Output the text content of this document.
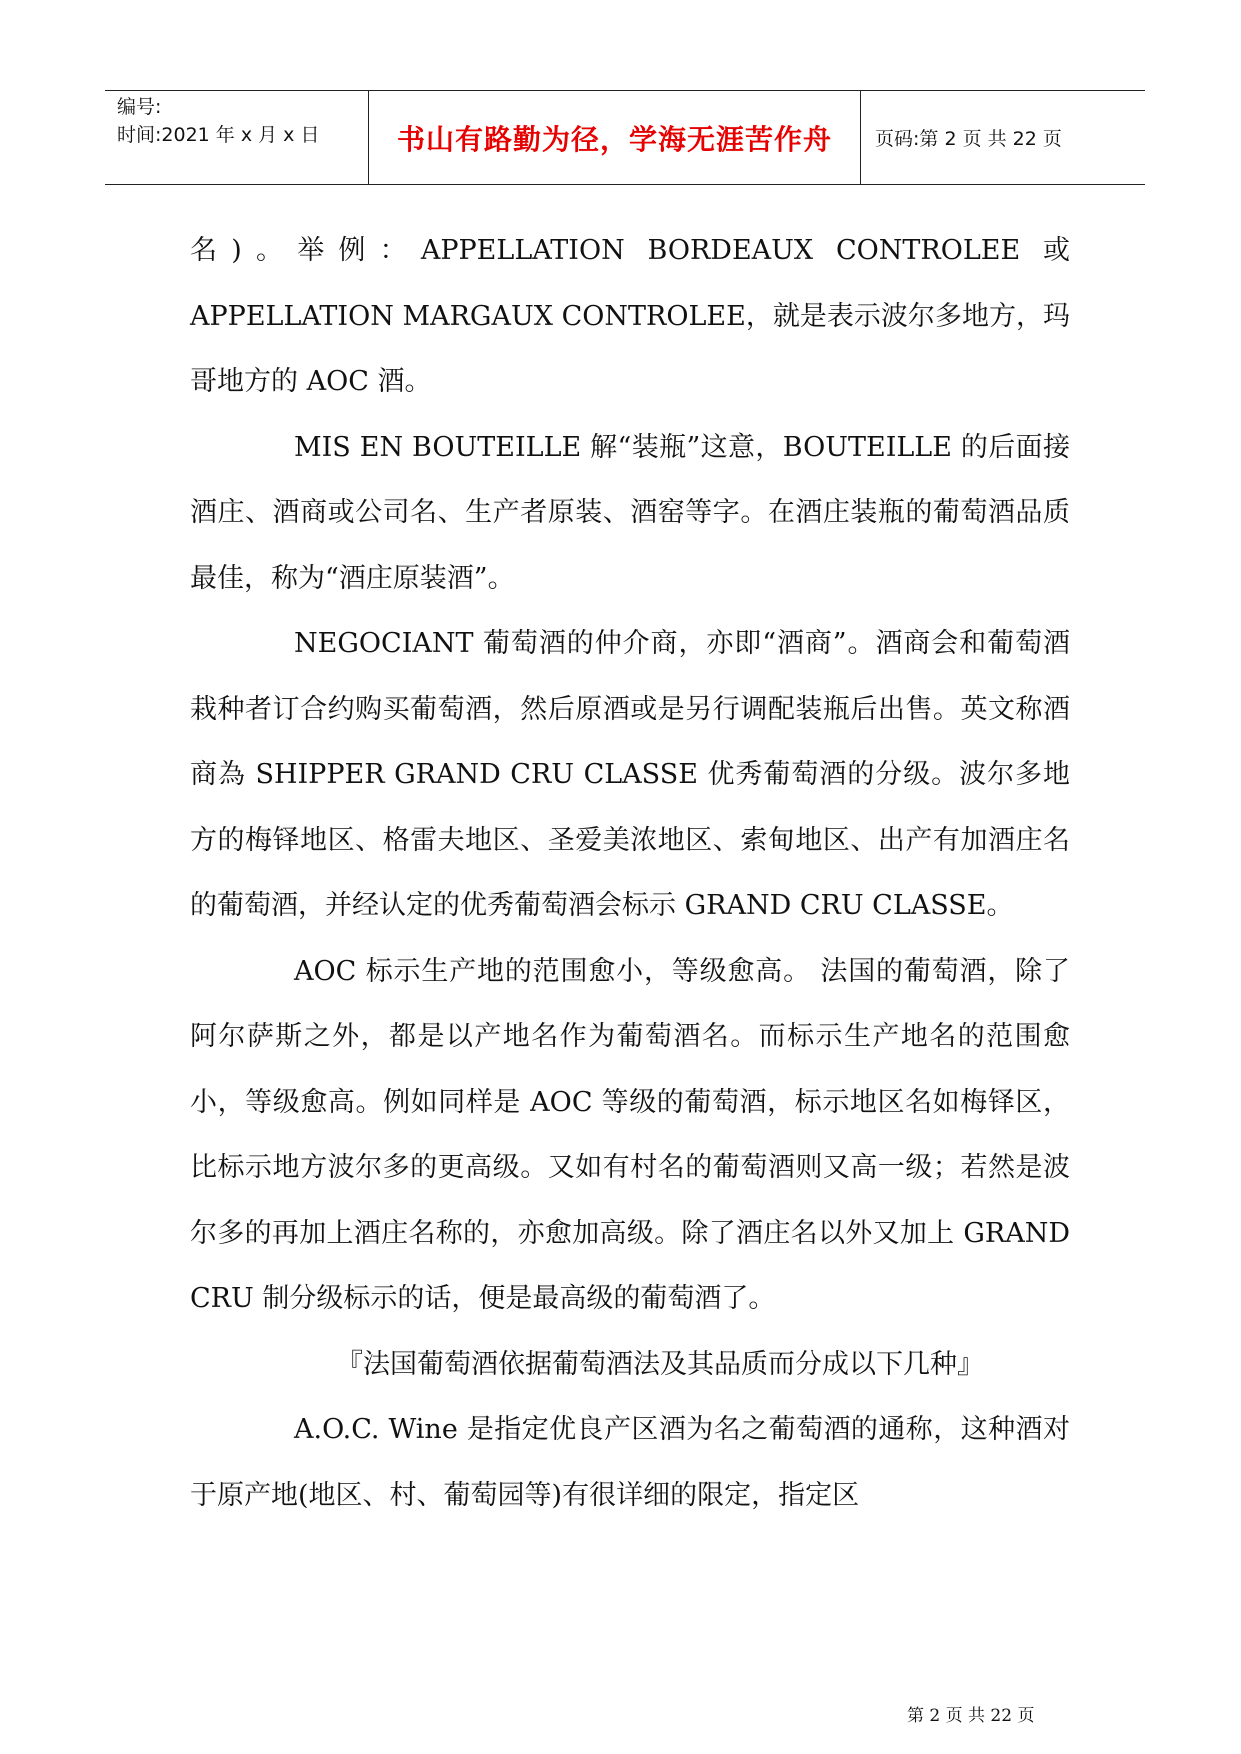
编号:
时间:2021 年 x 月 x 日	书山有路勤为径，学海无涯苦作舟	页码:第 2 页 共 22 页

名)。举例：APPELLATION BORDEAUX CONTROLEE 或 APPELLATION MARGAUX CONTROLEE，就是表示波尔多地方，玛哥地方的 AOC 酒。

MIS EN BOUTEILLE 解“装瓶”这意，BOUTEILLE 的后面接酒庄、酒商或公司名、生产者原装、酒窑等字。在酒庄装瓶的葡萄酒品质最佳，称为“酒庄原装酒”。

NEGOCIANT 葡萄酒的仲介商，亦即“酒商”。酒商会和葡萄酒栽种者订合约购买葡萄酒，然后原酒或是另行调配装瓶后出售。英文称酒商為 SHIPPER GRAND CRU CLASSE 优秀葡萄酒的分级。波尔多地方的梅铎地区、格雷夫地区、圣爱美浓地区、索甸地区、出产有加酒庄名的葡萄酒，并经认定的优秀葡萄酒会标示 GRAND CRU CLASSE。

AOC 标示生产地的范围愈小，等级愈高。 法国的葡萄酒，除了阿尔萨斯之外，都是以产地名作为葡萄酒名。而标示生产地名的范围愈小，等级愈高。例如同样是 AOC 等级的葡萄酒，标示地区名如梅铎区，比标示地方波尔多的更高级。又如有村名的葡萄酒则又高一级；若然是波尔多的再加上酒庄名称的，亦愈加高级。除了酒庄名以外又加上 GRAND CRU 制分级标示的话，便是最高级的葡萄酒了。

『法国葡萄酒依据葡萄酒法及其品质而分成以下几种』

A.O.C. Wine 是指定优良产区酒为名之葡萄酒的通称，这种酒对于原产地(地区、村、葡萄园等)有很详细的限定，指定区

第 2 页 共 22 页
